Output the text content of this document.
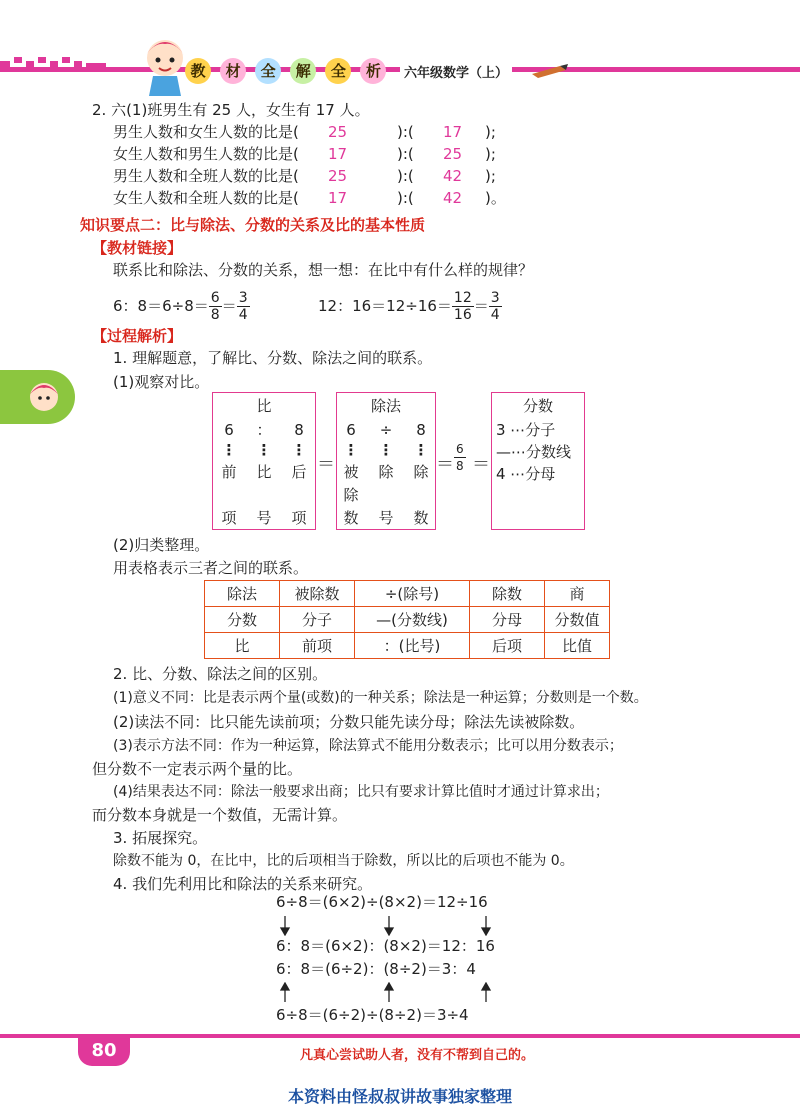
教 材 全 解 全 析	六年级数学（上）
2. 六(1)班男生有 25 人，女生有 17 人。
男生人数和女生人数的比是( 25	):( 17 );
女生人数和男生人数的比是( 17	):( 25 );
男生人数和全班人数的比是( 25	):( 42 );
女生人数和全班人数的比是( 17	):( 42 )。
知识要点二：比与除法、分数的关系及比的基本性质
【教材链接】
联系比和除法、分数的关系，想一想：在比中有什么样的规律？
6：$8=6\div 8= \frac{6}{8} = \frac{3}{4}$	12：$16=12\div 16= \frac{12}{16} = \frac{3}{4}$
【过程解析】
1. 理解题意，了解比、分数、除法之间的联系。
(1)观察对比。
比
6	：	8
⋮ ⋮ ⋮
前 比 后
项 号 项
＝
除法
6	÷	8
⋮ ⋮ ⋮
被 除 除
除
数 号 数
＝ $\frac{6}{8}$ ＝
分数
3 ⋯分子
—⋯分数线
4 ⋯分母
(2)归类整理。
用表格表示三者之间的联系。
除法	被除数	÷(除号)	除数	商
分数	分子	—(分数线)	分母	分数值
比	前项	：(比号)	后项	比值
2. 比、分数、除法之间的区别。
(1)意义不同：比是表示两个量(或数)的一种关系；除法是一种运算；分数则是一个数。
(2)读法不同：比只能先读前项；分数只能先读分母；除法先读被除数。
(3)表示方法不同：作为一种运算，除法算式不能用分数表示；比可以用分数表示；
但分数不一定表示两个量的比。
(4)结果表达不同：除法一般要求出商；比只有要求计算比值时才通过计算求出；
而分数本身就是一个数值，无需计算。
3. 拓展探究。
除数不能为 0，在比中，比的后项相当于除数，所以比的后项也不能为 0。
4. 我们先利用比和除法的关系来研究。
6÷8＝(6×2)÷(8×2)＝12÷16
6：8＝(6×2)：(8×2)＝12：16
6：8＝(6÷2)：(8÷2)＝3：4
6÷8＝(6÷2)÷(8÷2)＝3÷4
80	凡真心尝试助人者，没有不帮到自己的。
本资料由怪叔叔讲故事独家整理
